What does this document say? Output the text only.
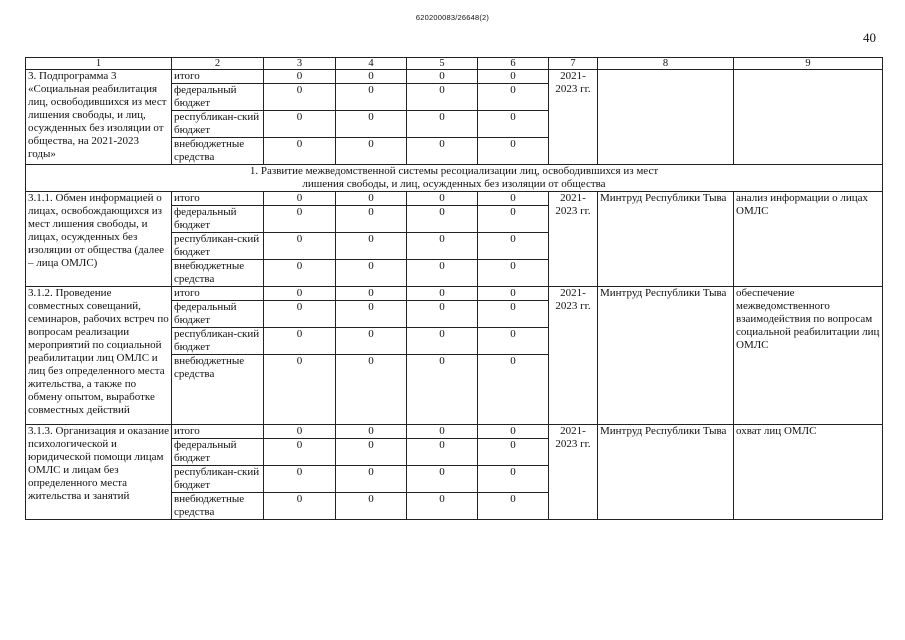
620200083/26648(2)
40
1	2	3	4	5	6	7	8	9
3. Подпрограмма 3 «Социальная реабилитация лиц, освободившихся из мест лишения свободы, и лиц, осужденных без изоляции от общества, на 2021-2023 годы»	итого	0	0	0	0	2021-2023 гг.		
	федеральный бюджет	0	0	0	0			
	республикан-ский бюджет	0	0	0	0			
	внебюджетные средства	0	0	0	0			

1. Развитие межведомственной системы ресоциализации лиц, освободившихся из мест
лишения свободы, и лиц, осужденных без изоляции от общества								

3.1.1. Обмен информацией о лицах, освобождающихся из мест лишения свободы, и лицах, осужденных без изоляции от общества (далее – лица ОМЛС)	итого	0	0	0	0	2021-2023 гг.	Минтруд Республики Тыва	анализ информации о лицах ОМЛС
	федеральный бюджет	0	0	0	0			
	республикан-ский бюджет	0	0	0	0			
	внебюджетные средства	0	0	0	0			
3.1.2. Проведение совместных совещаний, семинаров, рабочих встреч по вопросам реализации мероприятий по социальной реабилитации лиц ОМЛС и лиц без определенного места жительства, а также по обмену опытом, выработке совместных действий	итого	0	0	0	0	2021-2023 гг.	Минтруд Республики Тыва	обеспечение межведомственного взаимодействия по вопросам социальной реабилитации лиц ОМЛС
	федеральный бюджет	0	0	0	0			
	республикан-ский бюджет	0	0	0	0			
	внебюджетные средства	0	0	0	0			
3.1.3. Организация и оказание психологической и юридической помощи лицам ОМЛС и лицам без определенного места жительства и занятий	итого	0	0	0	0	2021-2023 гг.	Минтруд Республики Тыва	охват лиц ОМЛС
	федеральный бюджет	0	0	0	0			
	республикан-ский бюджет	0	0	0	0			
	внебюджетные средства	0	0	0	0			
